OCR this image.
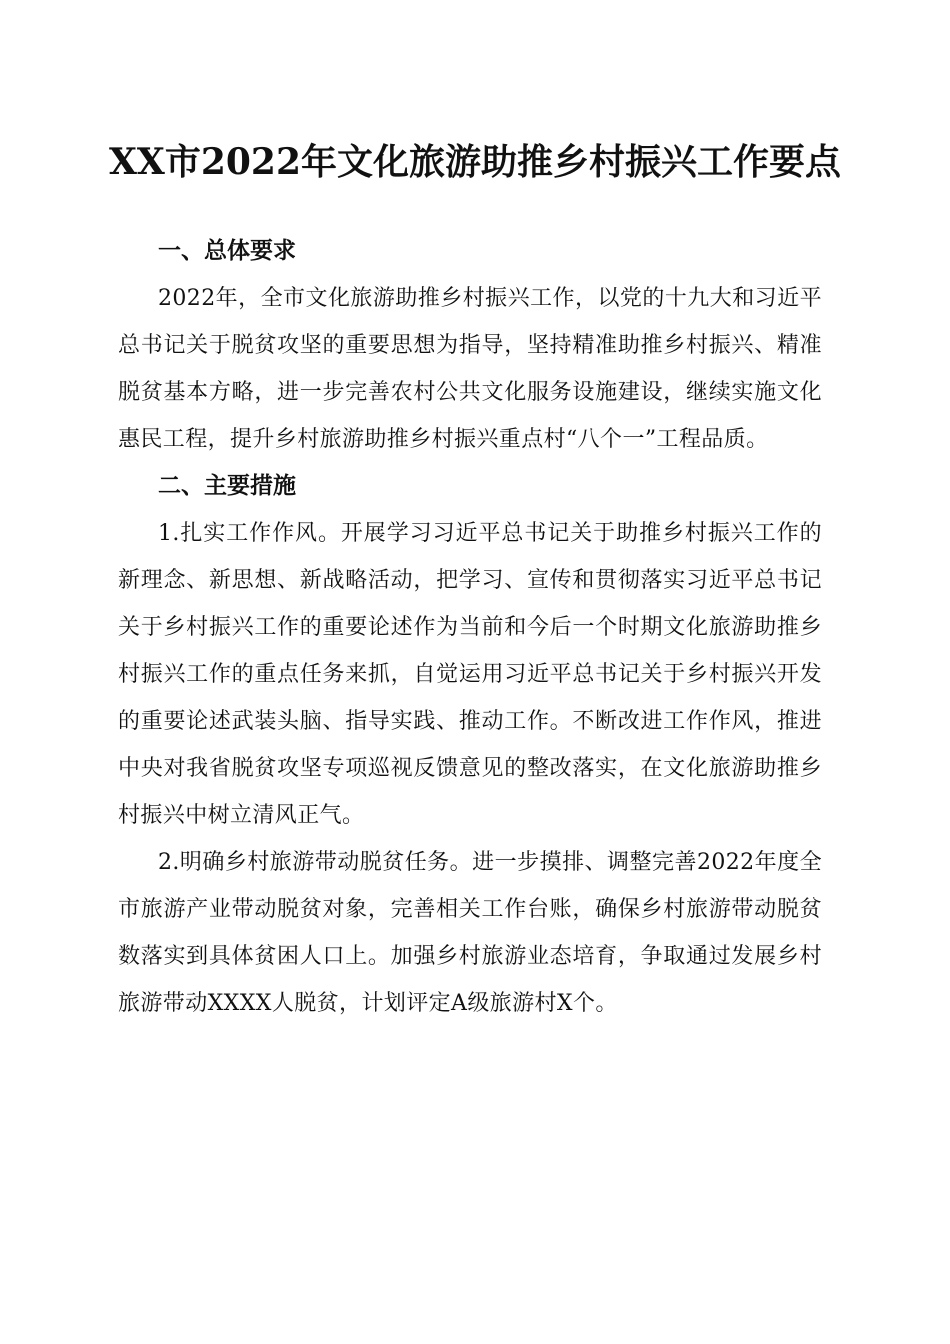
XX市2022年文化旅游助推乡村振兴工作要点
一、总体要求

2022年，全市文化旅游助推乡村振兴工作，以党的十九大和习近平总书记关于脱贫攻坚的重要思想为指导，坚持精准助推乡村振兴、精准脱贫基本方略，进一步完善农村公共文化服务设施建设，继续实施文化惠民工程，提升乡村旅游助推乡村振兴重点村“八个一”工程品质。

二、主要措施

1.扎实工作作风。开展学习习近平总书记关于助推乡村振兴工作的新理念、新思想、新战略活动，把学习、宣传和贯彻落实习近平总书记关于乡村振兴工作的重要论述作为当前和今后一个时期文化旅游助推乡村振兴工作的重点任务来抓，自觉运用习近平总书记关于乡村振兴开发的重要论述武装头脑、指导实践、推动工作。不断改进工作作风，推进中央对我省脱贫攻坚专项巡视反馈意见的整改落实，在文化旅游助推乡村振兴中树立清风正气。

2.明确乡村旅游带动脱贫任务。进一步摸排、调整完善2022年度全市旅游产业带动脱贫对象，完善相关工作台账，确保乡村旅游带动脱贫数落实到具体贫困人口上。加强乡村旅游业态培育，争取通过发展乡村旅游带动XXXX人脱贫，计划评定A级旅游村X个。
